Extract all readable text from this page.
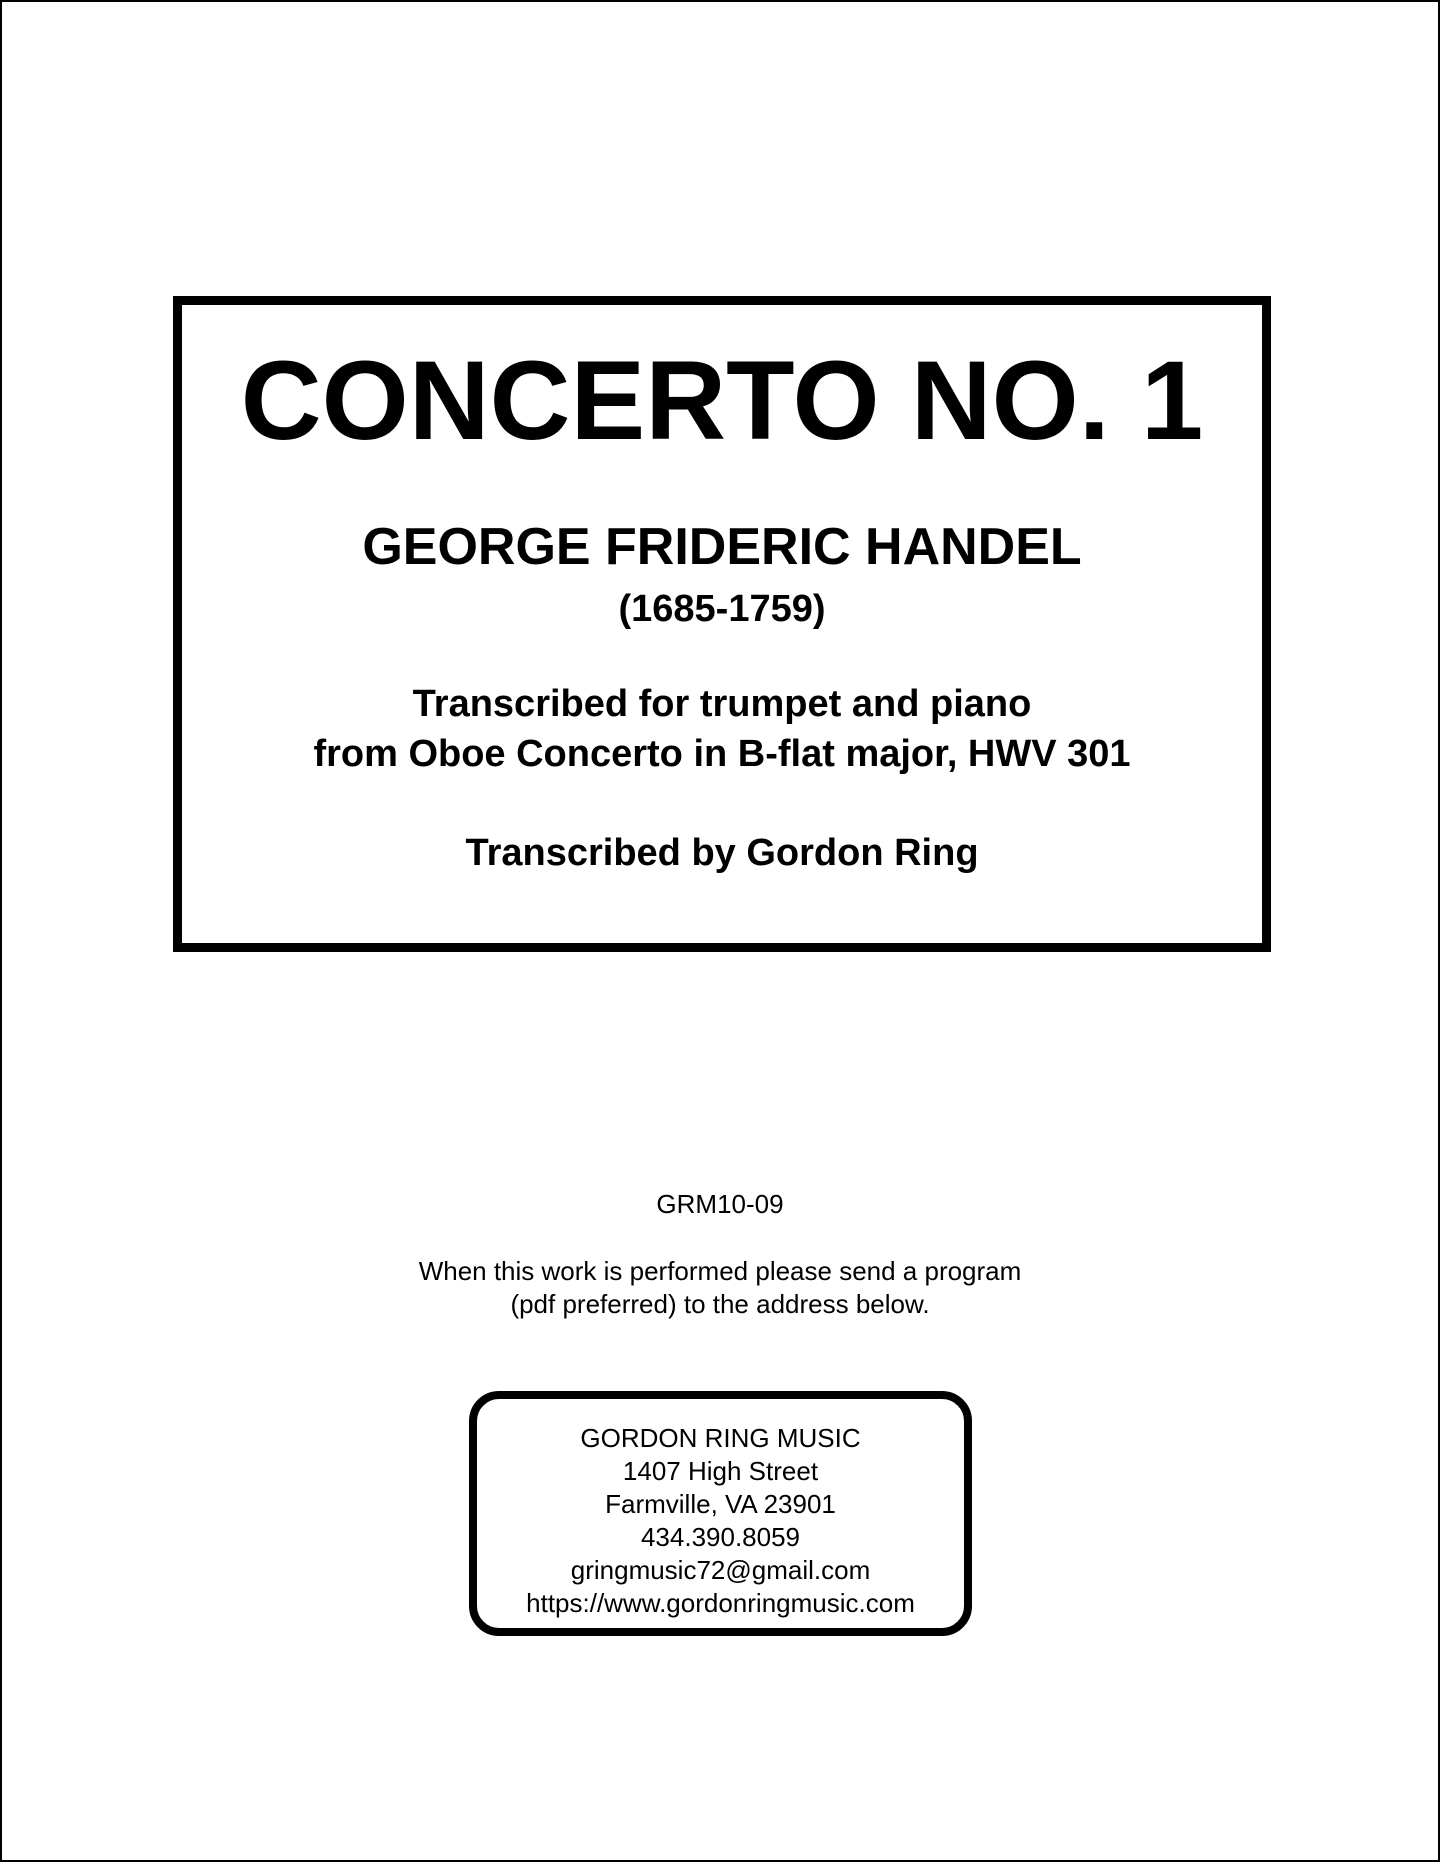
CONCERTO NO. 1
GEORGE FRIDERIC HANDEL
(1685-1759)
Transcribed for trumpet and piano
from Oboe Concerto in B-flat major, HWV 301
Transcribed by Gordon Ring
GRM10-09
When this work is performed please send a program
(pdf preferred) to the address below.
GORDON RING MUSIC
1407 High Street
Farmville, VA 23901
434.390.8059
gringmusic72@gmail.com
https://www.gordonringmusic.com
